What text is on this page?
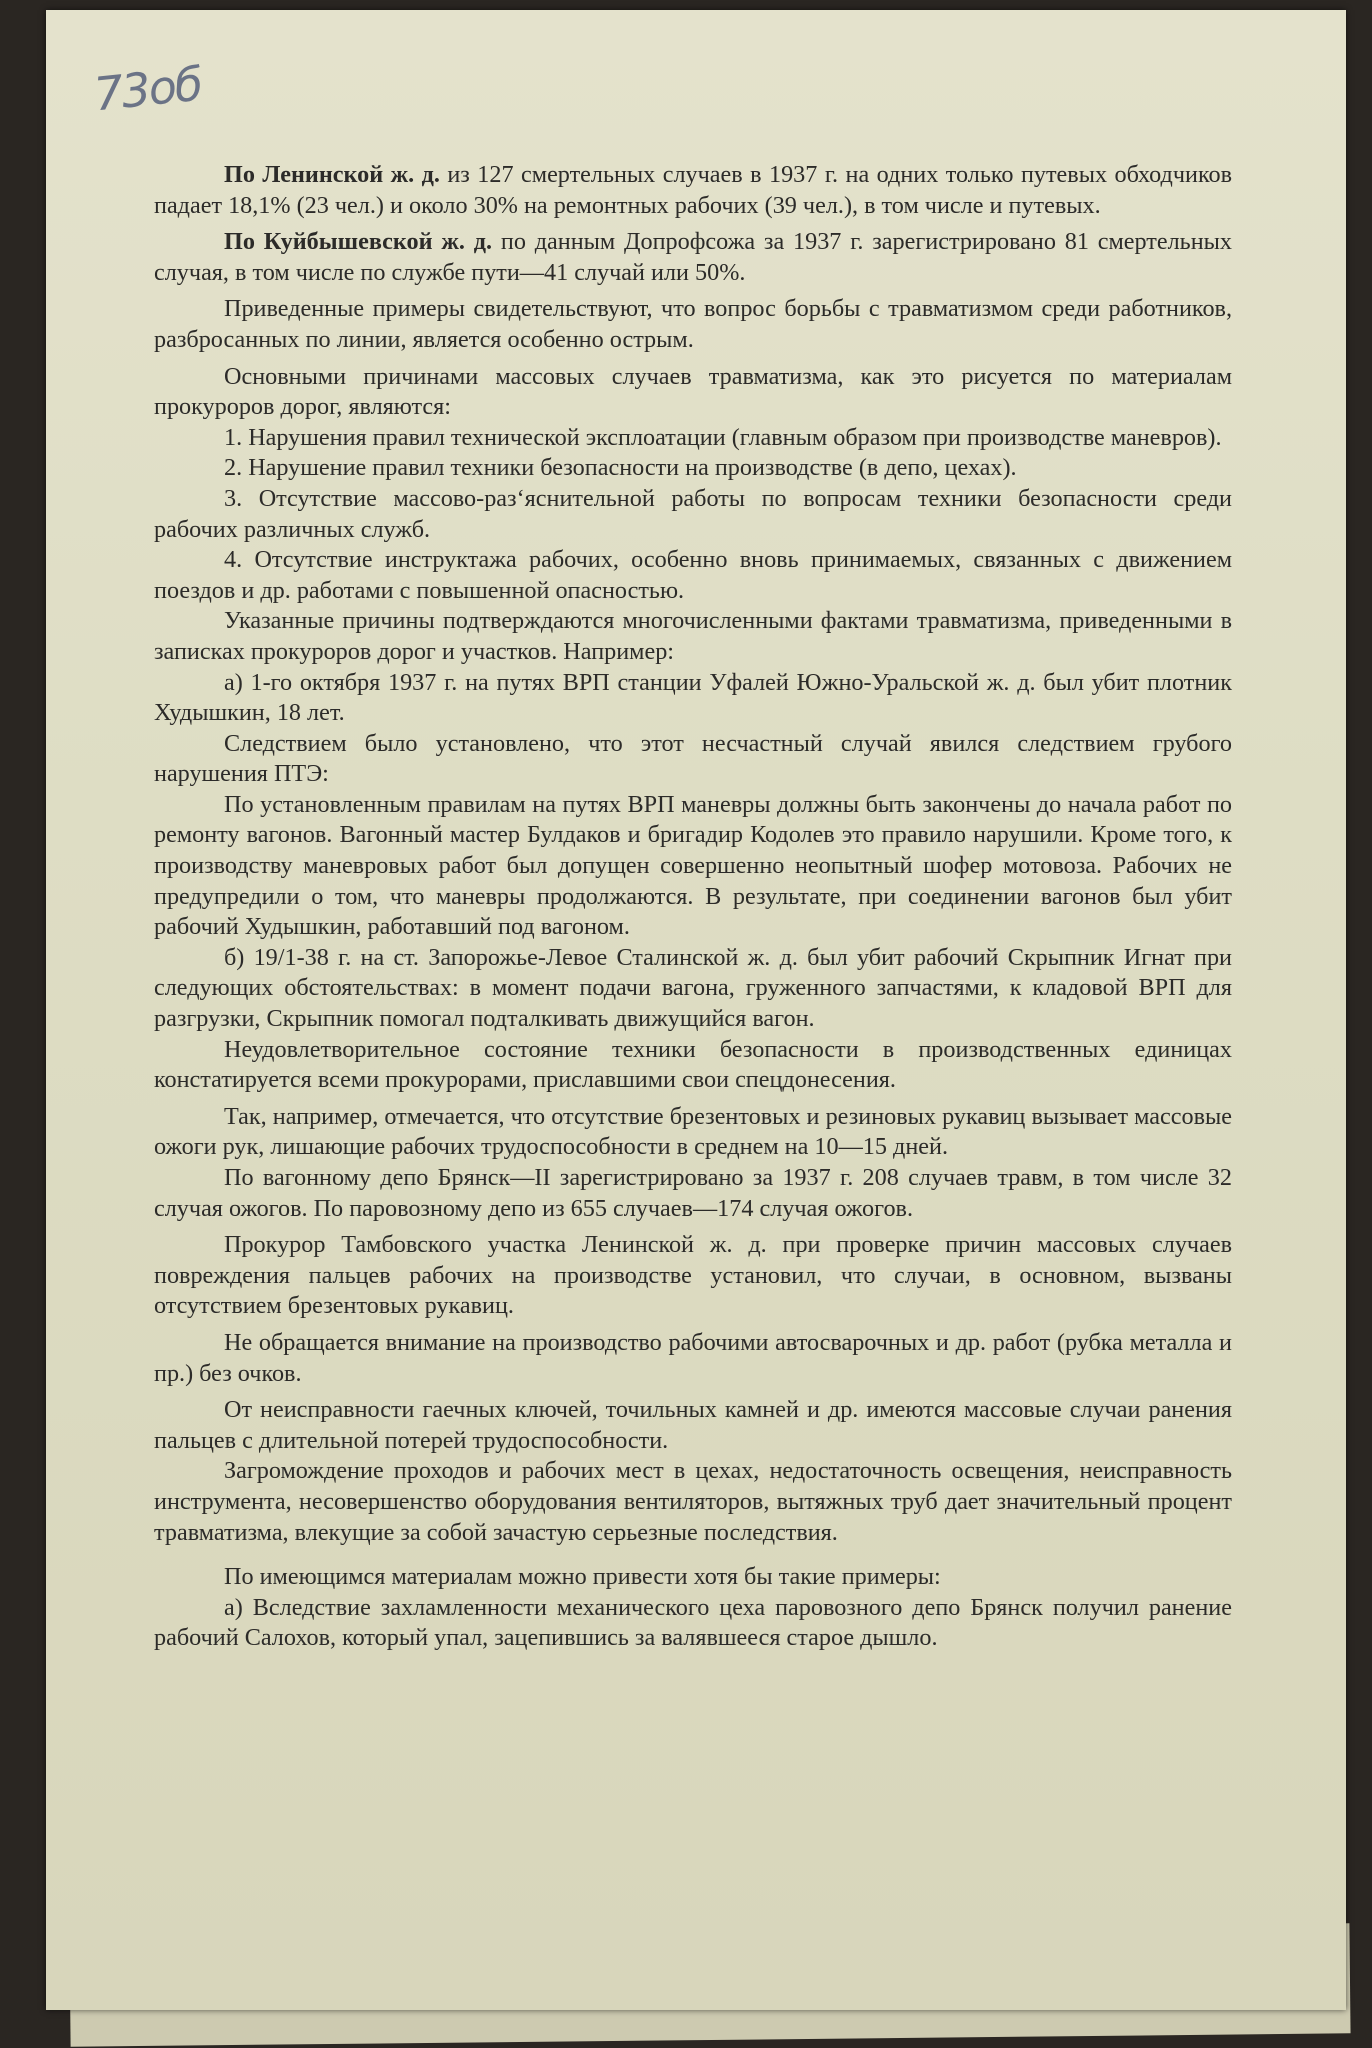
73об

По Ленинской ж. д. из 127 смертельных случаев в 1937 г. на одних только путевых обходчиков падает 18,1% (23 чел.) и около 30% на ремонтных рабочих (39 чел.), в том числе и путевых.

По Куйбышевской ж. д. по данным Допрофсожа за 1937 г. зарегистрировано 81 смертельных случая, в том числе по службе пути—41 случай или 50%.

Приведенные примеры свидетельствуют, что вопрос борьбы с травматизмом среди работников, разбросанных по линии, является особенно острым.

Основными причинами массовых случаев травматизма, как это рисуется по материалам прокуроров дорог, являются:

1. Нарушения правил технической эксплоатации (главным образом при производстве маневров).

2. Нарушение правил техники безопасности на производстве (в депо, цехах).

3. Отсутствие массово-раз‘яснительной работы по вопросам техники безопасности среди рабочих различных служб.

4. Отсутствие инструктажа рабочих, особенно вновь принимаемых, связанных с движением поездов и др. работами с повышенной опасностью.

Указанные причины подтверждаются многочисленными фактами травматизма, приведенными в записках прокуроров дорог и участков. Например:

а) 1-го октября 1937 г. на путях ВРП станции Уфалей Южно-Уральской ж. д. был убит плотник Худышкин, 18 лет.

Следствием было установлено, что этот несчастный случай явился следствием грубого нарушения ПТЭ:

По установленным правилам на путях ВРП маневры должны быть закончены до начала работ по ремонту вагонов. Вагонный мастер Булдаков и бригадир Кодолев это правило нарушили. Кроме того, к производству маневровых работ был допущен совершенно неопытный шофер мотовоза. Рабочих не предупредили о том, что маневры продолжаются. В результате, при соединении вагонов был убит рабочий Худышкин, работавший под вагоном.

б) 19/1-38 г. на ст. Запорожье-Левое Сталинской ж. д. был убит рабочий Скрыпник Игнат при следующих обстоятельствах: в момент подачи вагона, груженного запчастями, к кладовой ВРП для разгрузки, Скрыпник помогал подталкивать движущийся вагон.

Неудовлетворительное состояние техники безопасности в производственных единицах констатируется всеми прокурорами, приславшими свои спецдонесения.

Так, например, отмечается, что отсутствие брезентовых и резиновых рукавиц вызывает массовые ожоги рук, лишающие рабочих трудоспособности в среднем на 10—15 дней.

По вагонному депо Брянск—II зарегистрировано за 1937 г. 208 случаев травм, в том числе 32 случая ожогов. По паровозному депо из 655 случаев—174 случая ожогов.

Прокурор Тамбовского участка Ленинской ж. д. при проверке причин массовых случаев повреждения пальцев рабочих на производстве установил, что случаи, в основном, вызваны отсутствием брезентовых рукавиц.

Не обращается внимание на производство рабочими автосварочных и др. работ (рубка металла и пр.) без очков.

От неисправности гаечных ключей, точильных камней и др. имеются массовые случаи ранения пальцев с длительной потерей трудоспособности.

Загромождение проходов и рабочих мест в цехах, недостаточность освещения, неисправность инструмента, несовершенство оборудования вентиляторов, вытяжных труб дает значительный процент травматизма, влекущие за собой зачастую серьезные последствия.

По имеющимся материалам можно привести хотя бы такие примеры:

а) Вследствие захламленности механического цеха паровозного депо Брянск получил ранение рабочий Салохов, который упал, зацепившись за валявшееся старое дышло.
